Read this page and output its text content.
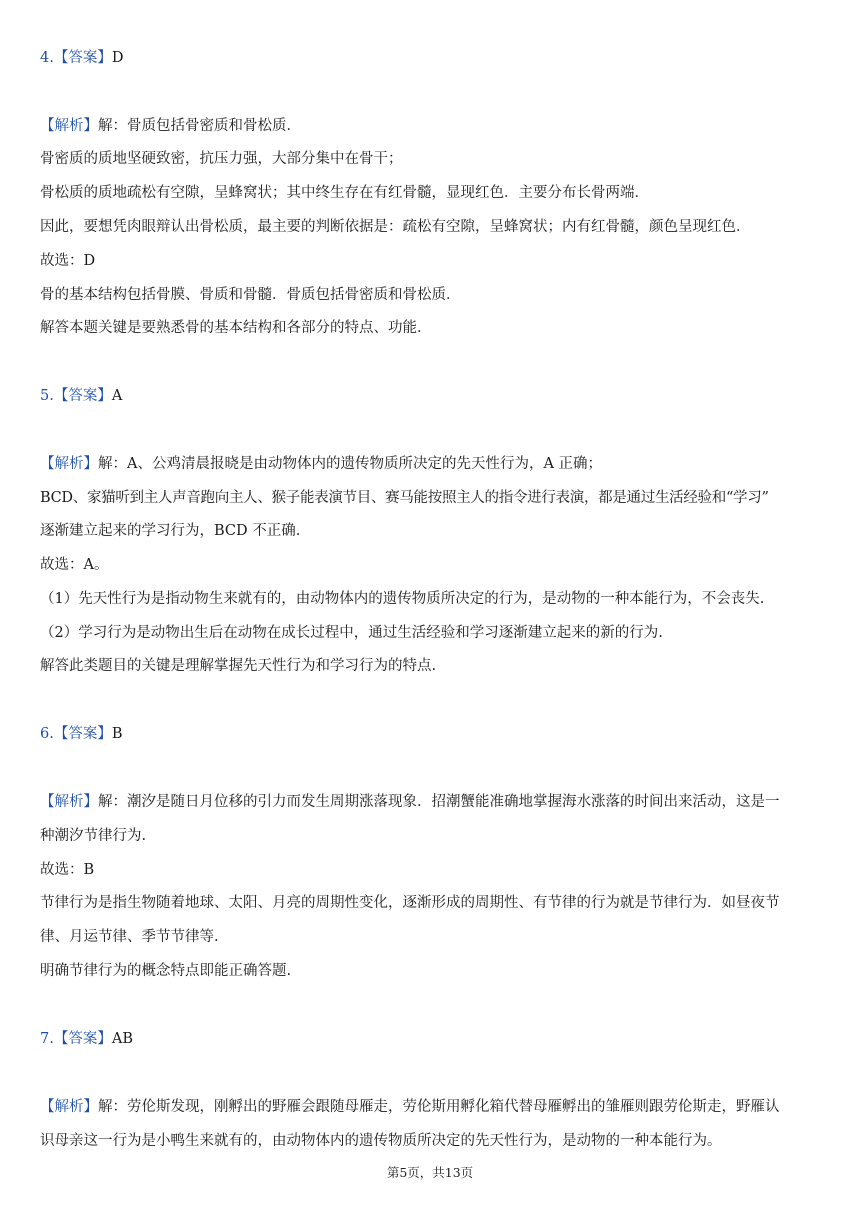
4.【答案】D
【解析】解：骨质包括骨密质和骨松质．
骨密质的质地坚硬致密，抗压力强，大部分集中在骨干；
骨松质的质地疏松有空隙，呈蜂窝状；其中终生存在有红骨髓，显现红色．主要分布长骨两端．
因此，要想凭肉眼辩认出骨松质，最主要的判断依据是：疏松有空隙，呈蜂窝状；内有红骨髓，颜色呈现红色．
故选：D
骨的基本结构包括骨膜、骨质和骨髓．骨质包括骨密质和骨松质．
解答本题关键是要熟悉骨的基本结构和各部分的特点、功能．
5.【答案】A
【解析】解：A、公鸡清晨报晓是由动物体内的遗传物质所决定的先天性行为，A 正确；
BCD、家猫听到主人声音跑向主人、猴子能表演节目、赛马能按照主人的指令进行表演，都是通过生活经验和“学习”
逐渐建立起来的学习行为，BCD 不正确.
故选：A。
（1）先天性行为是指动物生来就有的，由动物体内的遗传物质所决定的行为，是动物的一种本能行为，不会丧失.
（2）学习行为是动物出生后在动物在成长过程中，通过生活经验和学习逐渐建立起来的新的行为.
解答此类题目的关键是理解掌握先天性行为和学习行为的特点.
6.【答案】B
【解析】解：潮汐是随日月位移的引力而发生周期涨落现象．招潮蟹能准确地掌握海水涨落的时间出来活动，这是一
种潮汐节律行为.
故选：B
节律行为是指生物随着地球、太阳、月亮的周期性变化，逐渐形成的周期性、有节律的行为就是节律行为．如昼夜节
律、月运节律、季节节律等.
明确节律行为的概念特点即能正确答题.
7.【答案】AB
【解析】解：劳伦斯发现，刚孵出的野雁会跟随母雁走，劳伦斯用孵化箱代替母雁孵出的雏雁则跟劳伦斯走，野雁认
识母亲这一行为是小鸭生来就有的，由动物体内的遗传物质所决定的先天性行为，是动物的一种本能行为。
第5页，共13页
